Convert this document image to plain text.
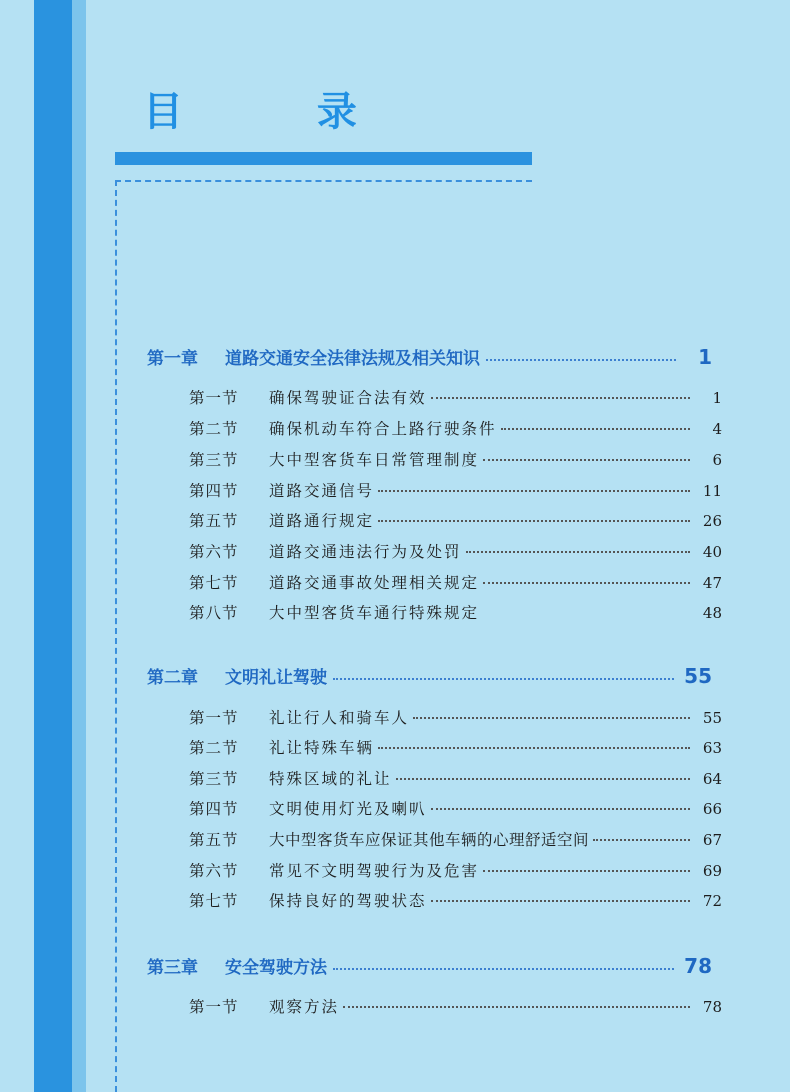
目 录
第一章	道路交通安全法律法规及相关知识	1
第一节	确保驾驶证合法有效	1
第二节	确保机动车符合上路行驶条件	4
第三节	大中型客货车日常管理制度	6
第四节	道路交通信号	11
第五节	道路通行规定	26
第六节	道路交通违法行为及处罚	40
第七节	道路交通事故处理相关规定	47
第八节	大中型客货车通行特殊规定	48
第二章	文明礼让驾驶	55
第一节	礼让行人和骑车人	55
第二节	礼让特殊车辆	63
第三节	特殊区域的礼让	64
第四节	文明使用灯光及喇叭	66
第五节	大中型客货车应保证其他车辆的心理舒适空间	67
第六节	常见不文明驾驶行为及危害	69
第七节	保持良好的驾驶状态	72
第三章	安全驾驶方法	78
第一节	观察方法	78
